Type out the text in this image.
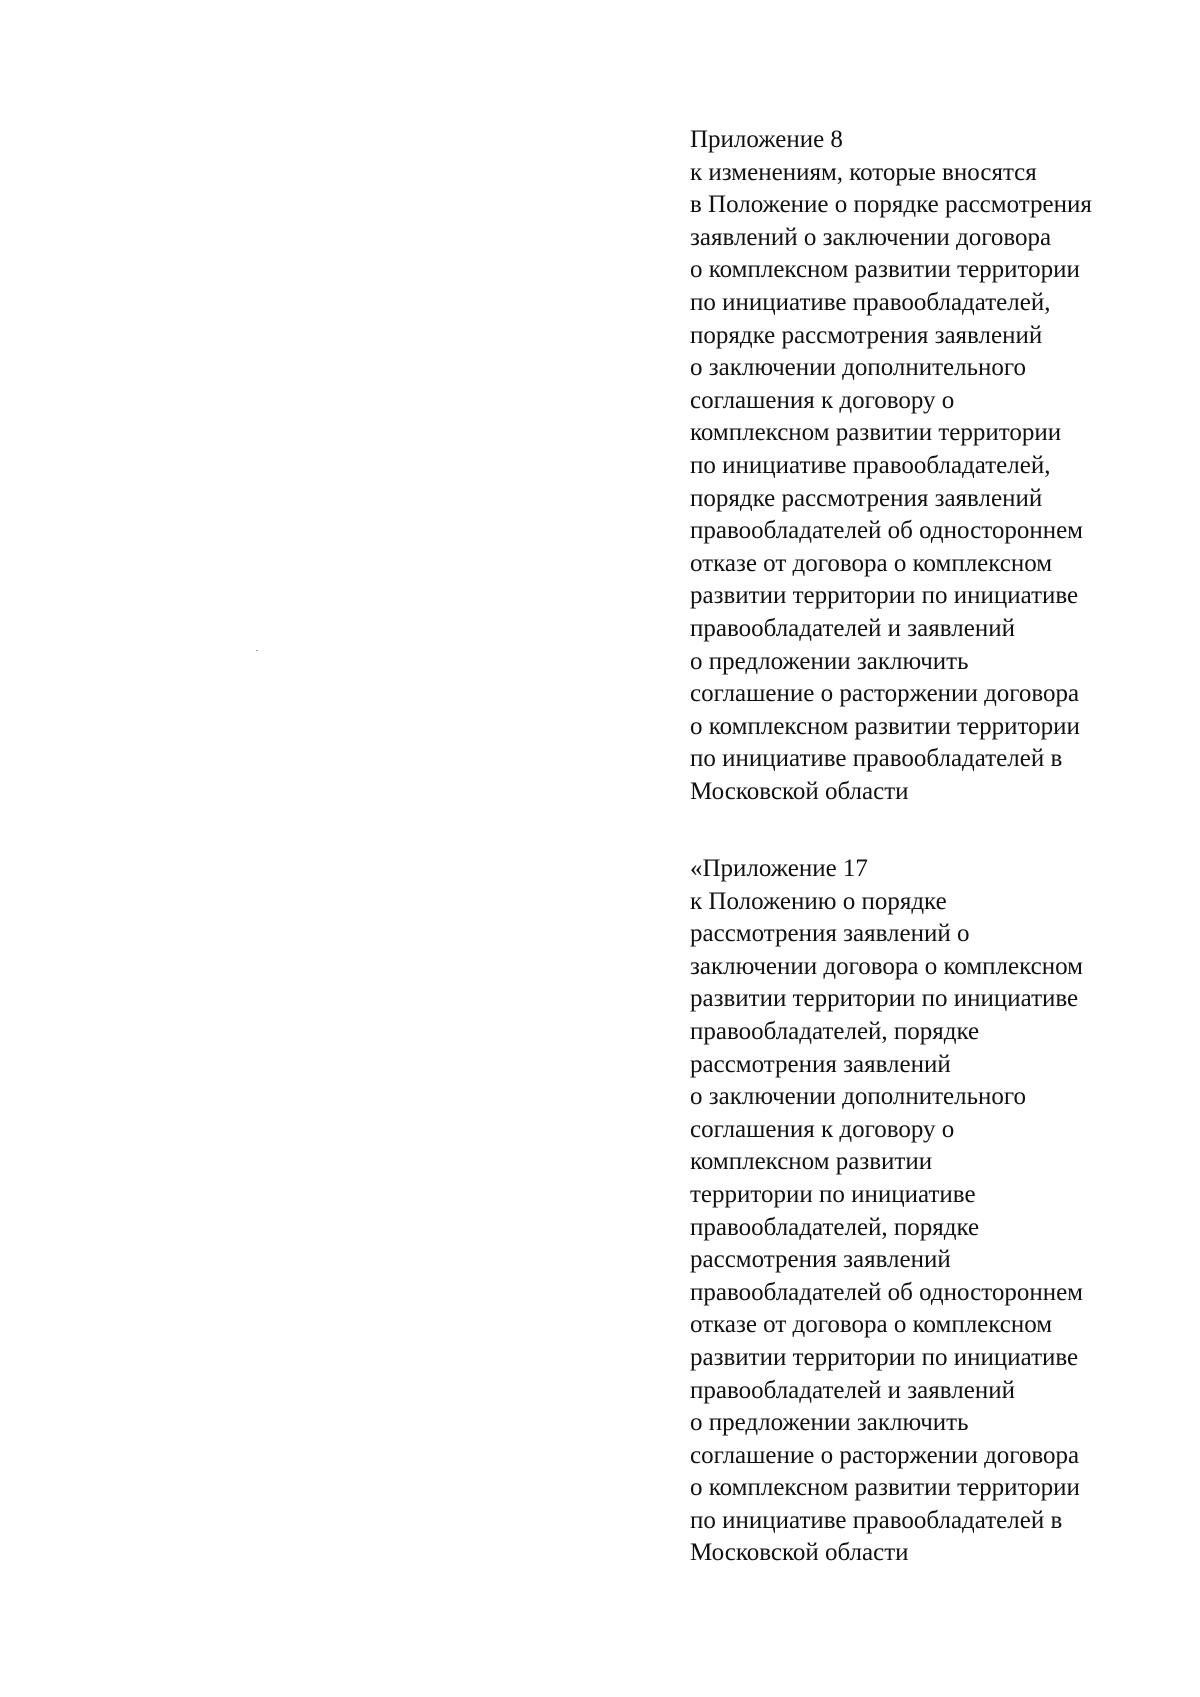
Приложение 8
к изменениям, которые вносятся
в Положение о порядке рассмотрения
заявлений о заключении договора
о комплексном развитии территории
по инициативе правообладателей,
порядке рассмотрения заявлений
о заключении дополнительного
соглашения к договору о
комплексном развитии территории
по инициативе правообладателей,
порядке рассмотрения заявлений
правообладателей об одностороннем
отказе от договора о комплексном
развитии территории по инициативе
правообладателей и заявлений
о предложении заключить
соглашение о расторжении договора
о комплексном развитии территории
по инициативе правообладателей в
Московской области
«Приложение 17
к Положению о порядке
рассмотрения заявлений о
заключении договора о комплексном
развитии территории по инициативе
правообладателей, порядке
рассмотрения заявлений
о заключении дополнительного
соглашения к договору о
комплексном развитии
территории по инициативе
правообладателей, порядке
рассмотрения заявлений
правообладателей об одностороннем
отказе от договора о комплексном
развитии территории по инициативе
правообладателей и заявлений
о предложении заключить
соглашение о расторжении договора
о комплексном развитии территории
по инициативе правообладателей в
Московской области
